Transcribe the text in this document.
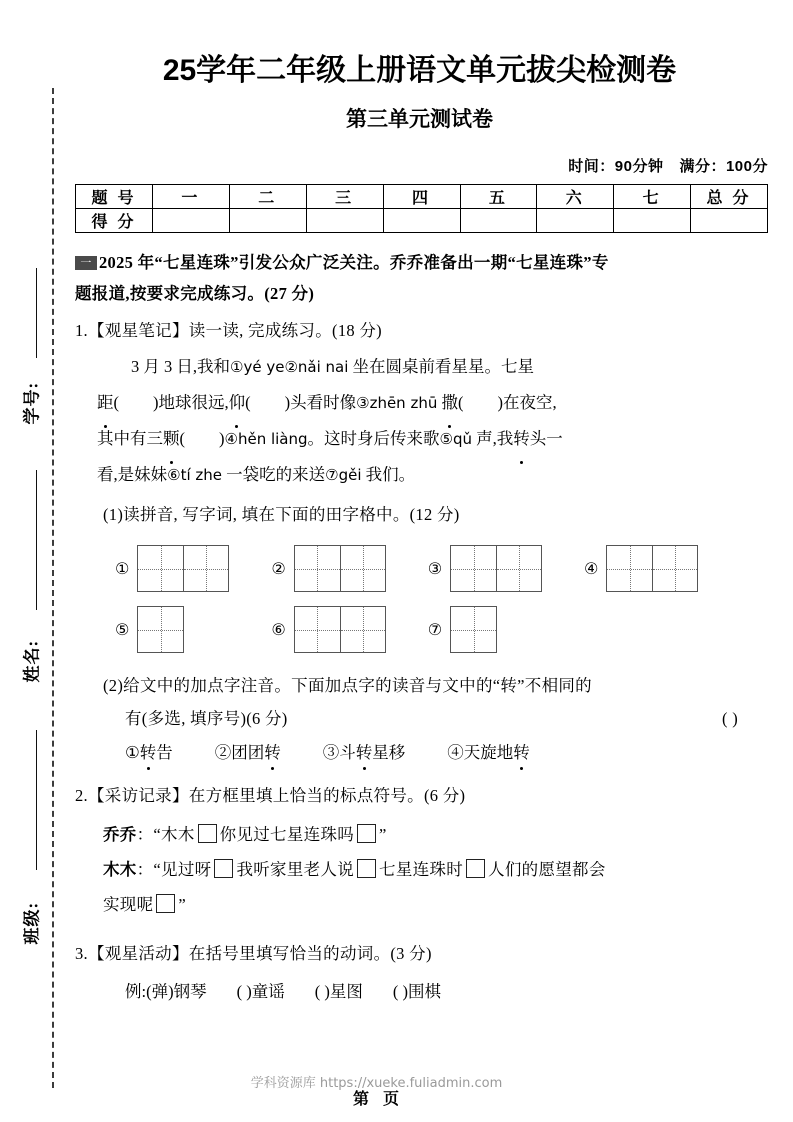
学号:
姓名:
班级:
25学年二年级上册语文单元拔尖检测卷
第三单元测试卷
时间：90分钟 满分：100分
题 号	一	二	三	四	五	六	七	总 分
得 分								
一 2025 年“七星连珠”引发公众广泛关注。乔乔准备出一期“七星连珠”专
题报道,按要求完成练习。(27 分)
1.【观星笔记】读一读, 完成练习。(18 分)
3 月 3 日,我和①yé ye②nǎi nai 坐在圆桌前看星星。七星
距( )地球很远,仰( )头看时像③zhēn zhū 撒( )在夜空,
其中有三颗( )④hěn liàng。这时身后传来歌⑤qǔ 声,我转头一
看,是妹妹⑥tí zhe 一袋吃的来送⑦gěi 我们。
(1)读拼音, 写字词, 填在下面的田字格中。(12 分)
①	②	③	④
⑤	⑥	⑦
(2)给文中的加点字注音。下面加点字的读音与文中的“转”不相同的
有(多选, 填序号)(6 分)	( )
①转告	②团团转	③斗转星移	④天旋地转
2.【采访记录】在方框里填上恰当的标点符号。(6 分)
乔乔：“木木 你见过七星连珠吗 ”
木木：“见过呀 我听家里老人说 七星连珠时 人们的愿望都会
实现呢 ”
3.【观星活动】在括号里填写恰当的动词。(3 分)
例:(弹)钢琴 ( )童谣 ( )星图 ( )围棋
学科资源库 https://xueke.fuliadmin.com
第 页
